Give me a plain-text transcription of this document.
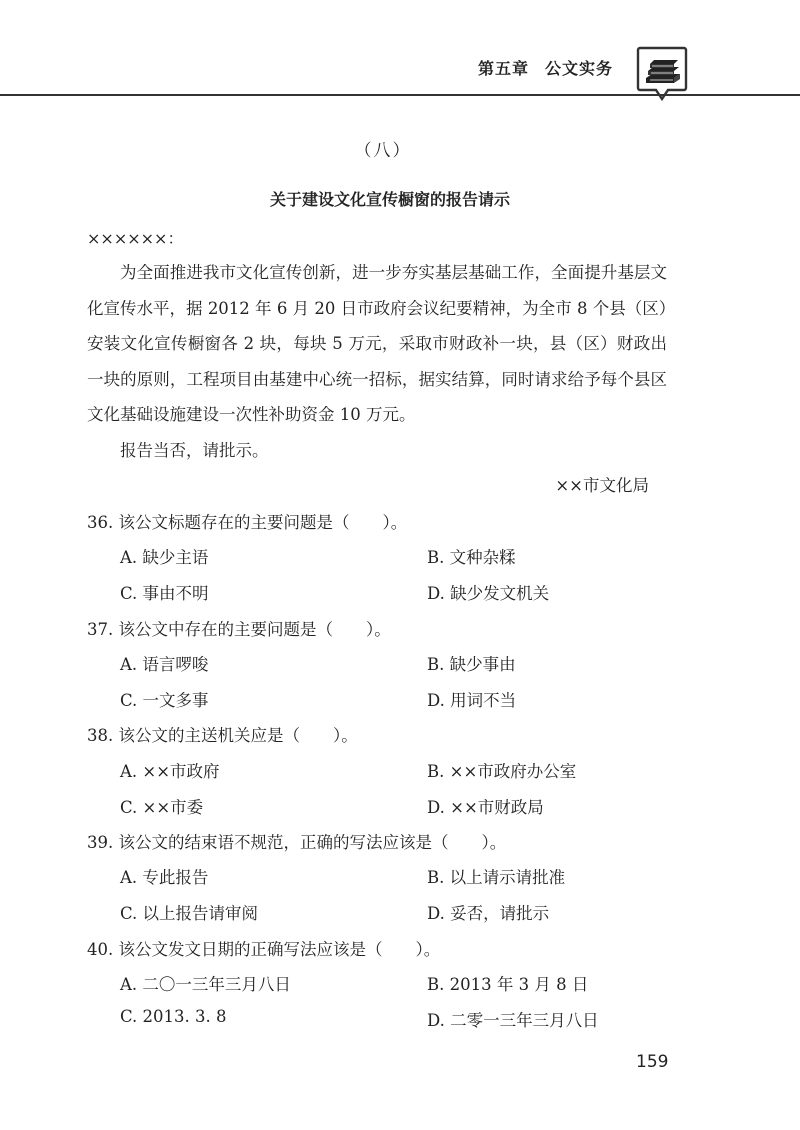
第五章 公文实务
（八）
关于建设文化宣传橱窗的报告请示
××××××：
为全面推进我市文化宣传创新，进一步夯实基层基础工作，全面提升基层文化宣传水平，据 2012 年 6 月 20 日市政府会议纪要精神，为全市 8 个县（区）安装文化宣传橱窗各 2 块，每块 5 万元，采取市财政补一块，县（区）财政出一块的原则，工程项目由基建中心统一招标，据实结算，同时请求给予每个县区文化基础设施建设一次性补助资金 10 万元。
报告当否，请批示。
××市文化局
36. 该公文标题存在的主要问题是（　　）。
A. 缺少主语	B. 文种杂糅
C. 事由不明	D. 缺少发文机关
37. 该公文中存在的主要问题是（　　）。
A. 语言啰唆	B. 缺少事由
C. 一文多事	D. 用词不当
38. 该公文的主送机关应是（　　）。
A. ××市政府	B. ××市政府办公室
C. ××市委	D. ××市财政局
39. 该公文的结束语不规范，正确的写法应该是（　　）。
A. 专此报告	B. 以上请示请批准
C. 以上报告请审阅	D. 妥否，请批示
40. 该公文发文日期的正确写法应该是（　　）。
A. 二〇一三年三月八日	B. 2013 年 3 月 8 日
C. 2013. 3. 8	D. 二零一三年三月八日
159
